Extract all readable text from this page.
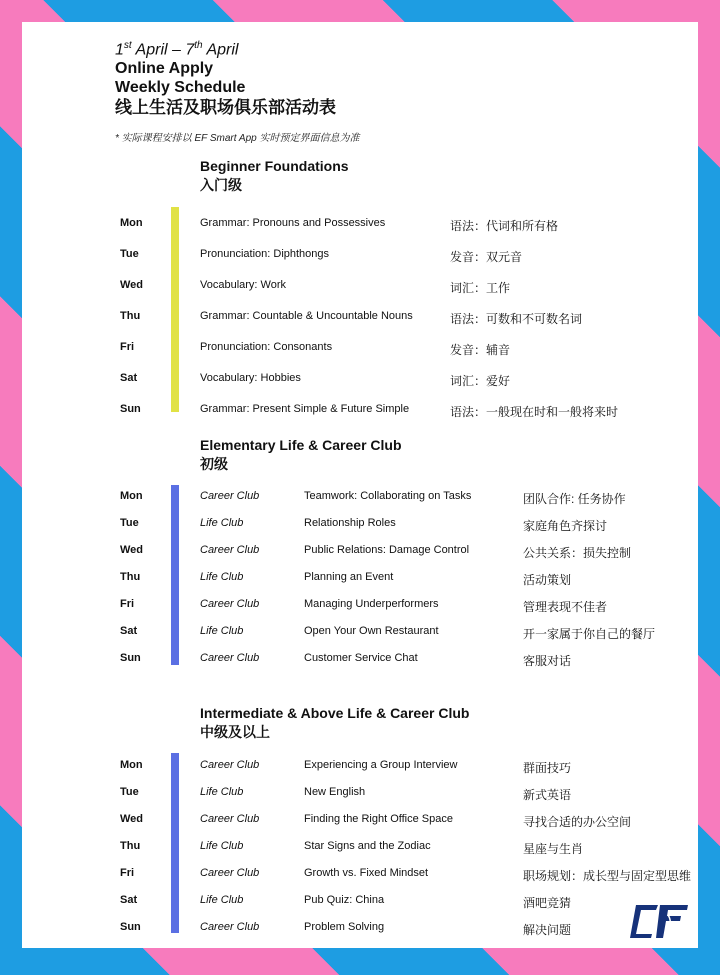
1st April – 7th April
Online Apply
Weekly Schedule
线上生活及职场俱乐部活动表
* 实际课程安排以 EF Smart App 实时预定界面信息为准
Beginner Foundations
入门级
Mon	Grammar: Pronouns and Possessives	语法：代词和所有格
Tue	Pronunciation: Diphthongs	发音：双元音
Wed	Vocabulary: Work	词汇：工作
Thu	Grammar: Countable & Uncountable Nouns	语法：可数和不可数名词
Fri	Pronunciation: Consonants	发音：辅音
Sat	Vocabulary: Hobbies	词汇：爱好
Sun	Grammar: Present Simple & Future Simple	语法：一般现在时和一般将来时
Elementary Life & Career Club
初级
Mon	Career Club	Teamwork: Collaborating on Tasks	团队合作: 任务协作
Tue	Life Club	Relationship Roles	家庭角色齐探讨
Wed	Career Club	Public Relations: Damage Control	公共关系：损失控制
Thu	Life Club	Planning an Event	活动策划
Fri	Career Club	Managing Underperformers	管理表现不佳者
Sat	Life Club	Open Your Own Restaurant	开一家属于你自己的餐厅
Sun	Career Club	Customer Service Chat	客服对话
Intermediate & Above Life & Career Club
中级及以上
Mon	Career Club	Experiencing a Group Interview	群面技巧
Tue	Life Club	New English	新式英语
Wed	Career Club	Finding the Right Office Space	寻找合适的办公空间
Thu	Life Club	Star Signs and the Zodiac	星座与生肖
Fri	Career Club	Growth vs. Fixed Mindset	职场规划：成长型与固定型思维
Sat	Life Club	Pub Quiz: China	酒吧竞猜
Sun	Career Club	Problem Solving	解决问题
